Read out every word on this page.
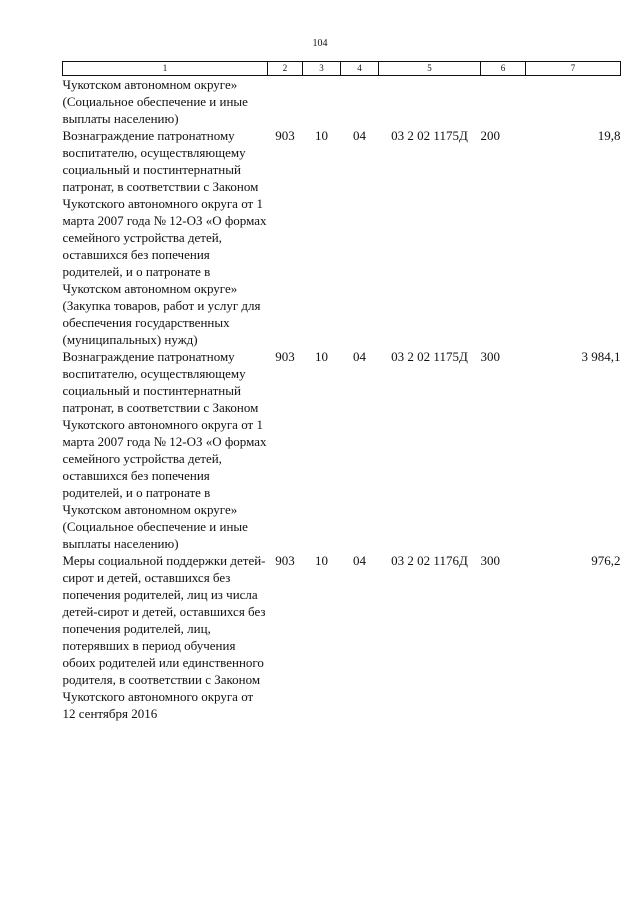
104
1	2	3	4	5	6	7

Чукотском автономном округе» (Социальное обеспечение и иные выплаты населению)						

Вознаграждение патронатному воспитателю, осуществляющему социальный и постинтернатный патронат, в соответствии с Законом Чукотского автономного округа от 1 марта 2007 года № 12-ОЗ «О формах семейного устройства детей, оставшихся без попечения родителей, и о патронате в Чукотском автономном округе» (Закупка товаров, работ и услуг для обеспечения государственных (муниципальных) нужд)	903	10	04	03 2 02 1175Д	200	19,8

Вознаграждение патронатному воспитателю, осуществляющему социальный и постинтернатный патронат, в соответствии с Законом Чукотского автономного округа от 1 марта 2007 года № 12-ОЗ «О формах семейного устройства детей, оставшихся без попечения родителей, и о патронате в Чукотском автономном округе» (Социальное обеспечение и иные выплаты населению)	903	10	04	03 2 02 1175Д	300	3 984,1

Меры социальной поддержки детей-сирот и детей, оставшихся без попечения родителей, лиц из числа детей-сирот и детей, оставшихся без попечения родителей, лиц, потерявших в период обучения обоих родителей или единственного родителя, в соответствии с Законом Чукотского автономного округа от 12 сентября 2016	903	10	04	03 2 02 1176Д	300	976,2
